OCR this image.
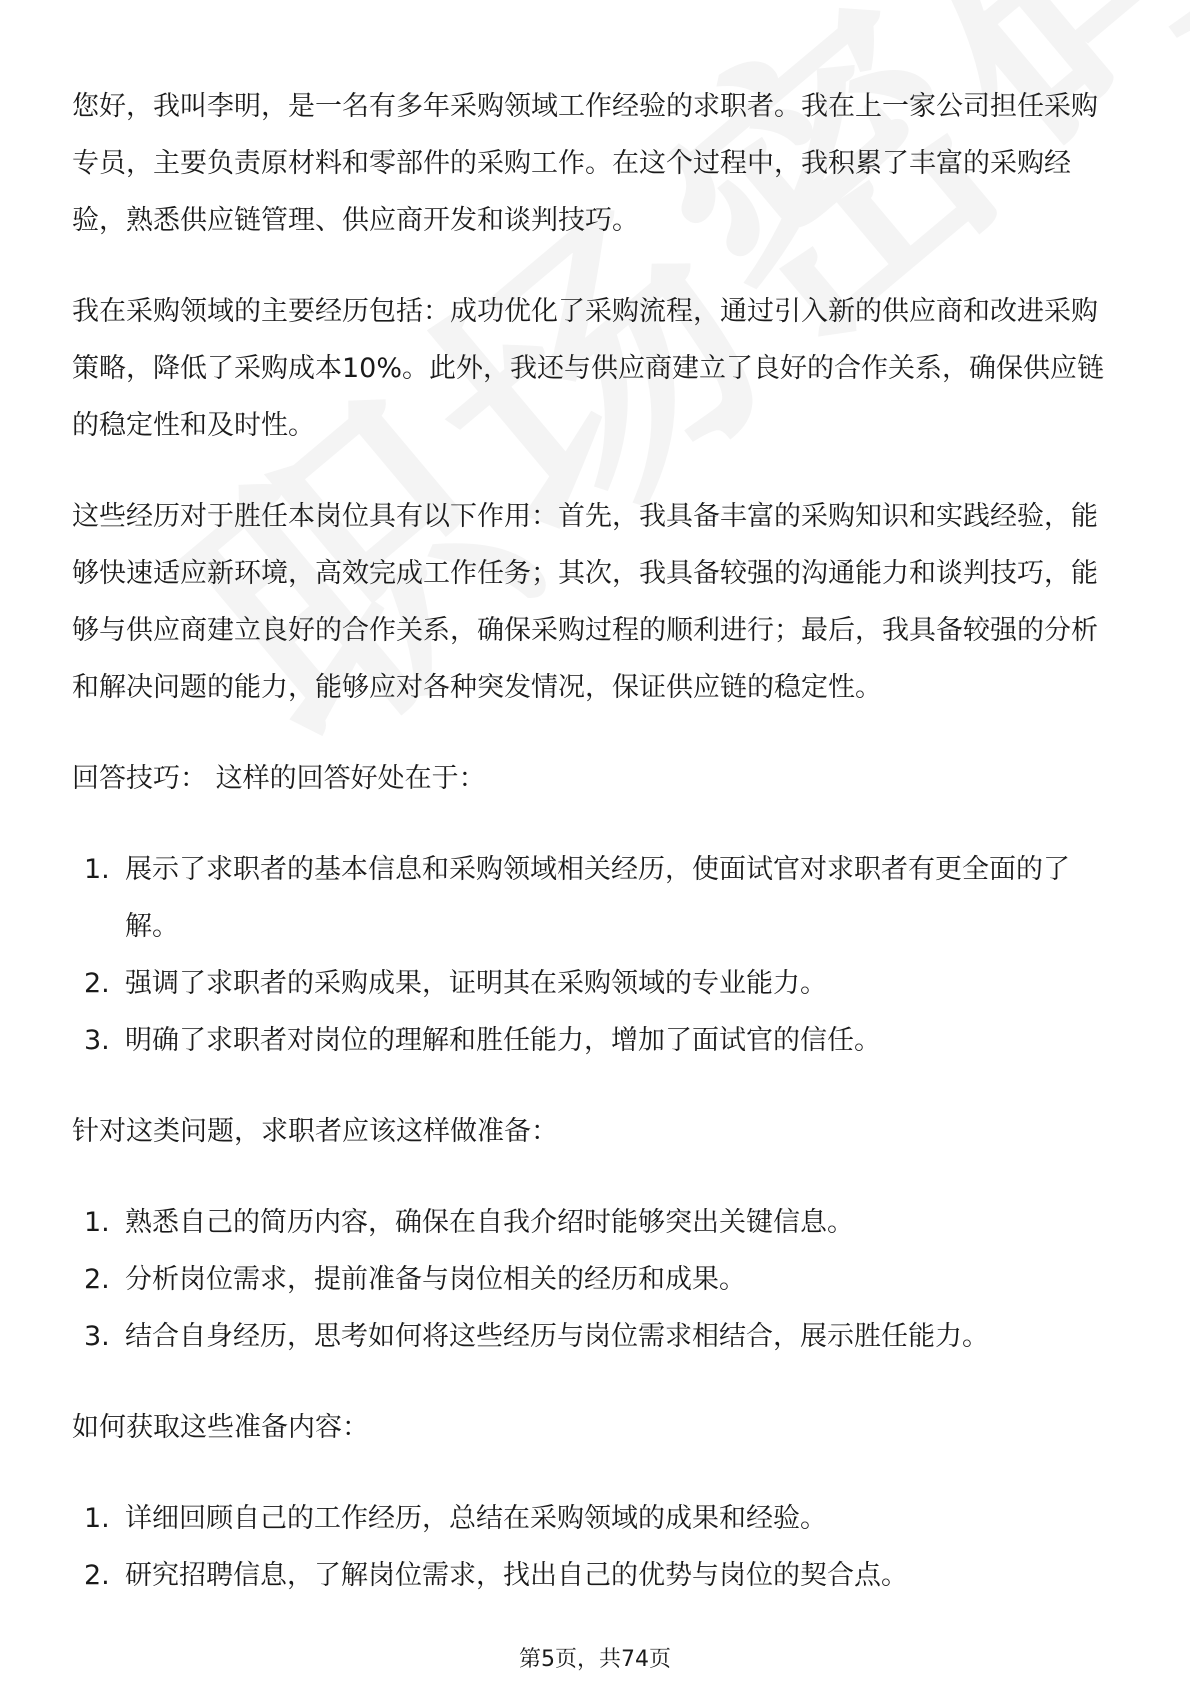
您好，我叫李明，是一名有多年采购领域工作经验的求职者。我在上一家公司担任采购专员，主要负责原材料和零部件的采购工作。在这个过程中，我积累了丰富的采购经验，熟悉供应链管理、供应商开发和谈判技巧。

我在采购领域的主要经历包括：成功优化了采购流程，通过引入新的供应商和改进采购策略，降低了采购成本10%。此外，我还与供应商建立了良好的合作关系，确保供应链的稳定性和及时性。

这些经历对于胜任本岗位具有以下作用：首先，我具备丰富的采购知识和实践经验，能够快速适应新环境，高效完成工作任务；其次，我具备较强的沟通能力和谈判技巧，能够与供应商建立良好的合作关系，确保采购过程的顺利进行；最后，我具备较强的分析和解决问题的能力，能够应对各种突发情况，保证供应链的稳定性。

回答技巧： 这样的回答好处在于：

1. 展示了求职者的基本信息和采购领域相关经历，使面试官对求职者有更全面的了解。
2. 强调了求职者的采购成果，证明其在采购领域的专业能力。
3. 明确了求职者对岗位的理解和胜任能力，增加了面试官的信任。

针对这类问题，求职者应该这样做准备：

1. 熟悉自己的简历内容，确保在自我介绍时能够突出关键信息。
2. 分析岗位需求，提前准备与岗位相关的经历和成果。
3. 结合自身经历，思考如何将这些经历与岗位需求相结合，展示胜任能力。

如何获取这些准备内容：

1. 详细回顾自己的工作经历，总结在采购领域的成果和经验。
2. 研究招聘信息，了解岗位需求，找出自己的优势与岗位的契合点。
第5页，共74页
